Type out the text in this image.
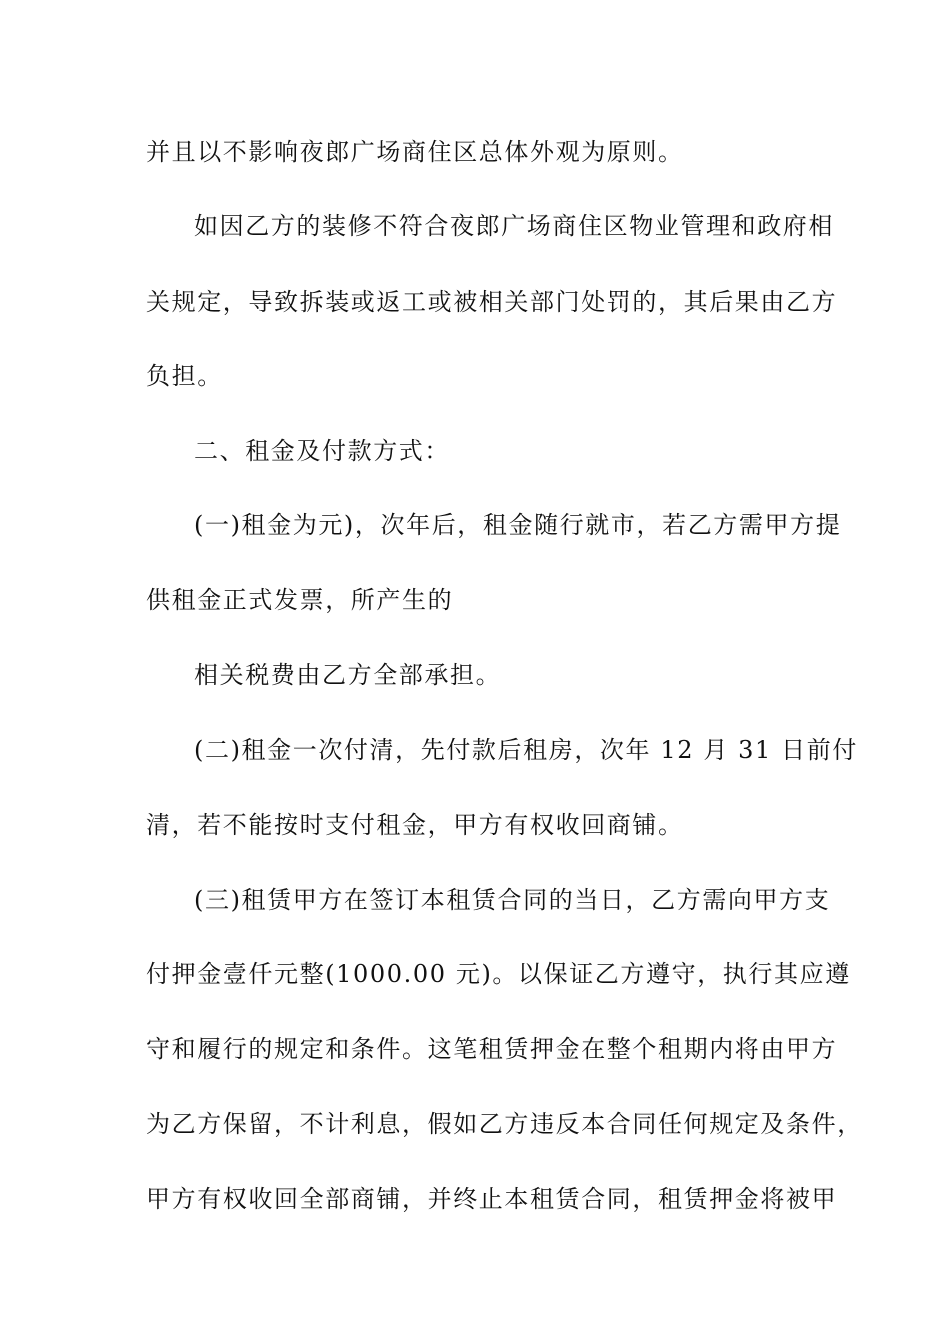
并且以不影响夜郎广场商住区总体外观为原则。
如因乙方的装修不符合夜郎广场商住区物业管理和政府相
关规定，导致拆装或返工或被相关部门处罚的，其后果由乙方
负担。
二、租金及付款方式：
(一)租金为元)，次年后，租金随行就市，若乙方需甲方提
供租金正式发票，所产生的
相关税费由乙方全部承担。
(二)租金一次付清，先付款后租房，次年 12 月 31 日前付
清，若不能按时支付租金，甲方有权收回商铺。
(三)租赁甲方在签订本租赁合同的当日，乙方需向甲方支
付押金壹仟元整(1000.00 元)。以保证乙方遵守，执行其应遵
守和履行的规定和条件。这笔租赁押金在整个租期内将由甲方
为乙方保留，不计利息，假如乙方违反本合同任何规定及条件，
甲方有权收回全部商铺，并终止本租赁合同，租赁押金将被甲
